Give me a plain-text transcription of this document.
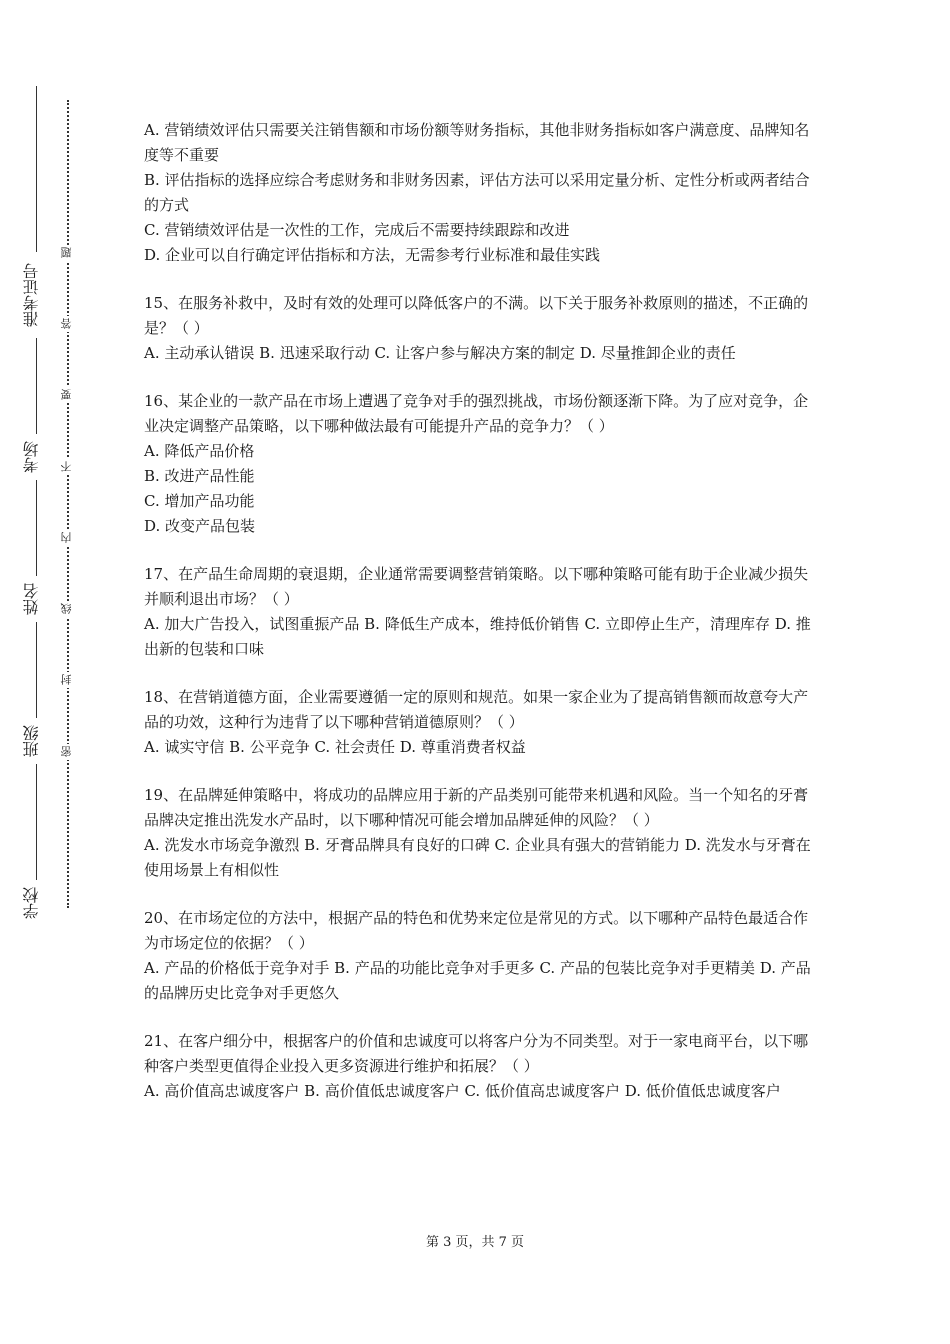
准考证号
考场
姓名
班级
学校
题
答
要
不
内
线
封
密

A. 营销绩效评估只需要关注销售额和市场份额等财务指标，其他非财务指标如客户满意度、品牌知名度等不重要

B. 评估指标的选择应综合考虑财务和非财务因素，评估方法可以采用定量分析、定性分析或两者结合的方式

C. 营销绩效评估是一次性的工作，完成后不需要持续跟踪和改进

D. 企业可以自行确定评估指标和方法，无需参考行业标准和最佳实践

15、在服务补救中，及时有效的处理可以降低客户的不满。以下关于服务补救原则的描述，不正确的是？（ ）

A. 主动承认错误 B. 迅速采取行动 C. 让客户参与解决方案的制定 D. 尽量推卸企业的责任

16、某企业的一款产品在市场上遭遇了竞争对手的强烈挑战，市场份额逐渐下降。为了应对竞争，企业决定调整产品策略，以下哪种做法最有可能提升产品的竞争力？（ ）

A. 降低产品价格

B. 改进产品性能

C. 增加产品功能

D. 改变产品包装

17、在产品生命周期的衰退期，企业通常需要调整营销策略。以下哪种策略可能有助于企业减少损失并顺利退出市场？（ ）

A. 加大广告投入，试图重振产品 B. 降低生产成本，维持低价销售 C. 立即停止生产，清理库存 D. 推出新的包装和口味

18、在营销道德方面，企业需要遵循一定的原则和规范。如果一家企业为了提高销售额而故意夸大产品的功效，这种行为违背了以下哪种营销道德原则？（ ）

A. 诚实守信 B. 公平竞争 C. 社会责任 D. 尊重消费者权益

19、在品牌延伸策略中，将成功的品牌应用于新的产品类别可能带来机遇和风险。当一个知名的牙膏品牌决定推出洗发水产品时，以下哪种情况可能会增加品牌延伸的风险？（ ）

A. 洗发水市场竞争激烈 B. 牙膏品牌具有良好的口碑 C. 企业具有强大的营销能力 D. 洗发水与牙膏在使用场景上有相似性

20、在市场定位的方法中，根据产品的特色和优势来定位是常见的方式。以下哪种产品特色最适合作为市场定位的依据？（ ）

A. 产品的价格低于竞争对手 B. 产品的功能比竞争对手更多 C. 产品的包装比竞争对手更精美 D. 产品的品牌历史比竞争对手更悠久

21、在客户细分中，根据客户的价值和忠诚度可以将客户分为不同类型。对于一家电商平台，以下哪种客户类型更值得企业投入更多资源进行维护和拓展？（ ）

A. 高价值高忠诚度客户 B. 高价值低忠诚度客户 C. 低价值高忠诚度客户 D. 低价值低忠诚度客户

第 3 页，共 7 页
